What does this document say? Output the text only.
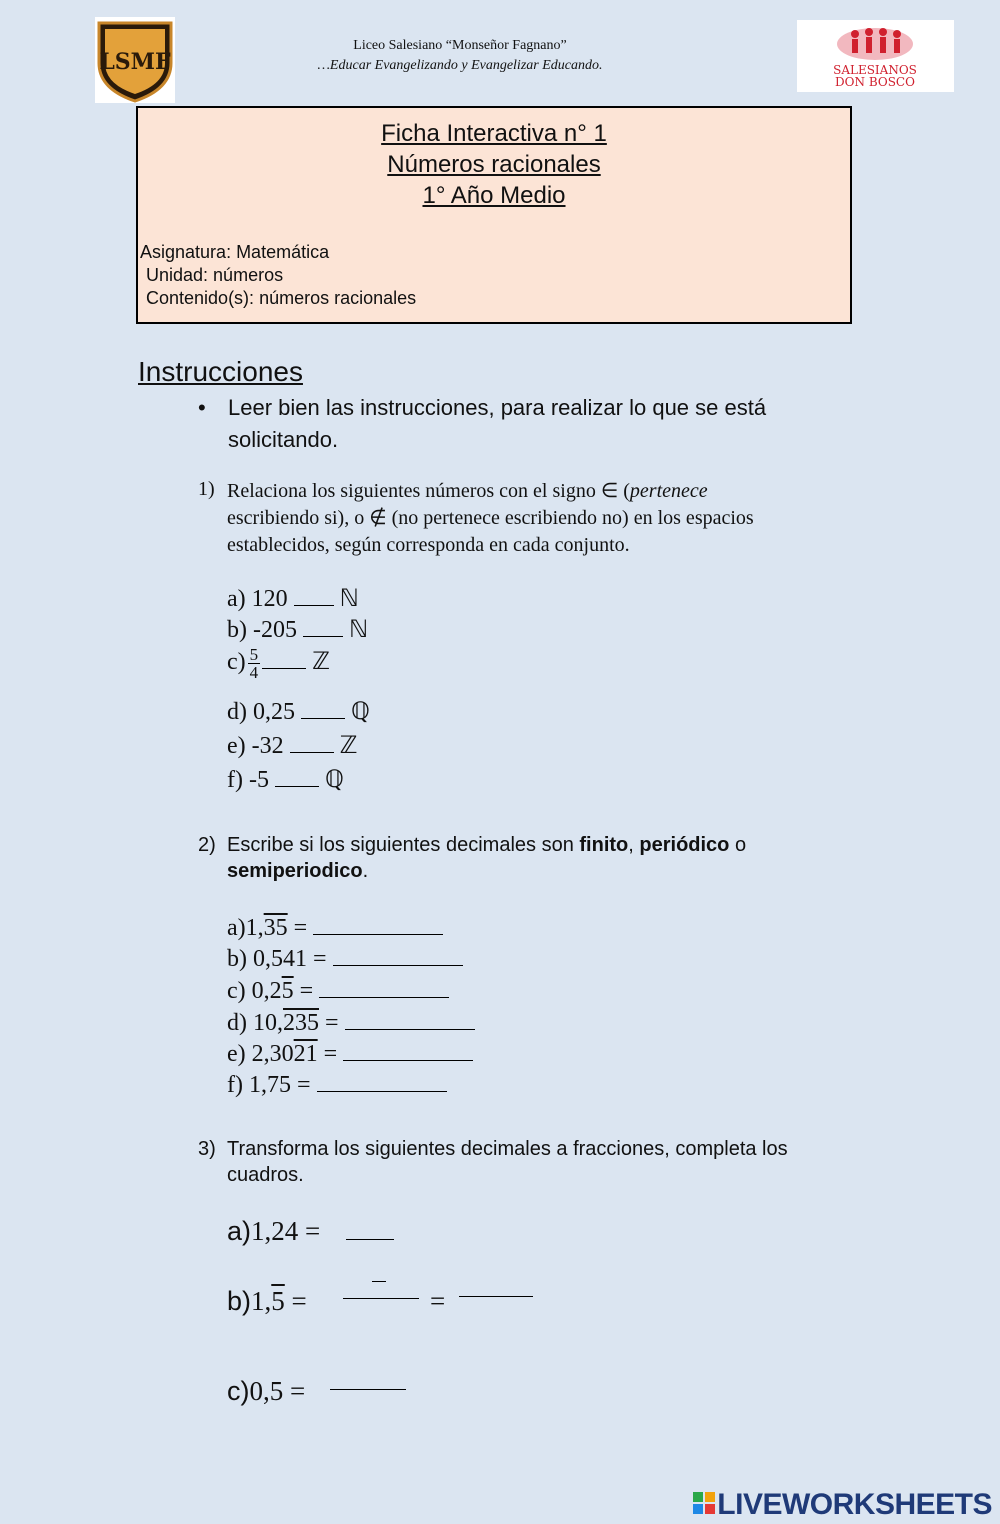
LSMF
Liceo Salesiano “Monseñor Fagnano”
…Educar Evangelizando y Evangelizar Educando.	SALESIANOS
DON BOSCO
Ficha Interactiva n° 1
Números racionales
1° Año Medio
Asignatura: Matemática
Unidad: números
Contenido(s): números racionales
Instrucciones
• Leer bien las instrucciones, para realizar lo que se está solicitando.
1) Relaciona los siguientes números con el signo ∈ (pertenece
escribiendo si), o ∉ (no pertenece escribiendo no) en los espacios establecidos, según corresponda en cada conjunto.
a) 120  ℕ
b) -205  ℕ
$c) \frac{5}{4}$ ℤ
d) 0,25  ℚ
e) -32  ℤ
f) -5  ℚ
2) Escribe si los siguientes decimales son finito, periódico o
semiperiodico.
a)1,35 =
b) 0,541 =
c) 0,25 =
d) 10,235 =
e) 2,3021 =
f) 1,75 =
3) Transforma los siguientes decimales a fracciones, completa los cuadros.
a)1,24 =
b)1,5 =	=
c)0,5 =
LIVEWORKSHEETS
